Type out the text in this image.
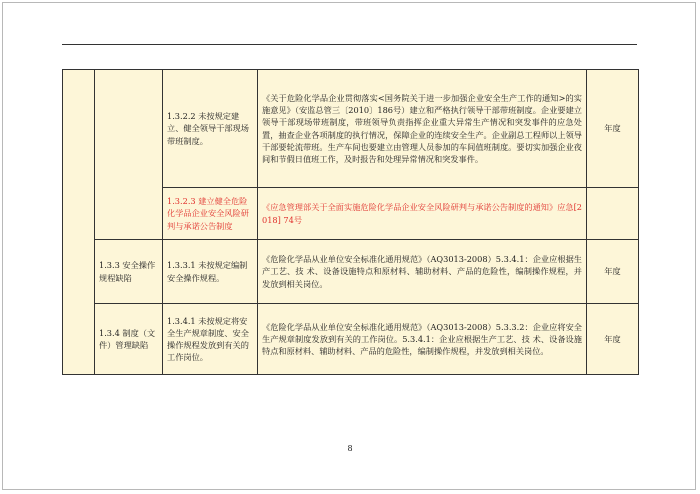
		1.3.2.2 未按规定建立、健全领导干部现场带班制度。	《关于危险化学品企业贯彻落实<国务院关于进一步加强企业安全生产工作的通知>的实施意见》（安监总管三〔2010〕186号）建立和严格执行领导干部带班制度。企业要建立领导干部现场带班制度，带班领导负责指挥企业重大异常生产情况和突发事件的应急处置，抽查企业各项制度的执行情况，保障企业的连续安全生产。企业副总工程师以上领导干部要轮流带班。生产车间也要建立由管理人员参加的车间值班制度。要切实加强企业夜间和节假日值班工作，及时报告和处理异常情况和突发事件。	年度
		1.3.2.3 建立健全危险化学品企业安全风险研判与承诺公告制度	《应急管理部关于全面实施危险化学品企业安全风险研判与承诺公告制度的通知》应急[2018] 74号	
	1.3.3 安全操作规程缺陷	1.3.3.1 未按规定编制安全操作规程。	《危险化学品从业单位安全标准化通用规范》（AQ3013-2008）5.3.4.1：企业应根据生产工艺、技 术、设备设施特点和原材料、辅助材料、产品的危险性，编制操作规程，并发放到相关岗位。	年度
	1.3.4 制度（文件）管理缺陷	1.3.4.1 未按规定将安全生产规章制度、安全操作规程发放到有关的工作岗位。	《危险化学品从业单位安全标准化通用规范》（AQ3013-2008）5.3.3.2：企业应将安全生产规章制度发放到有关的工作岗位。5.3.4.1：企业应根据生产工艺、技 术、设备设施特点和原材料、辅助材料、产品的危险性，编制操作规程，并发放到相关岗位。	年度
8
